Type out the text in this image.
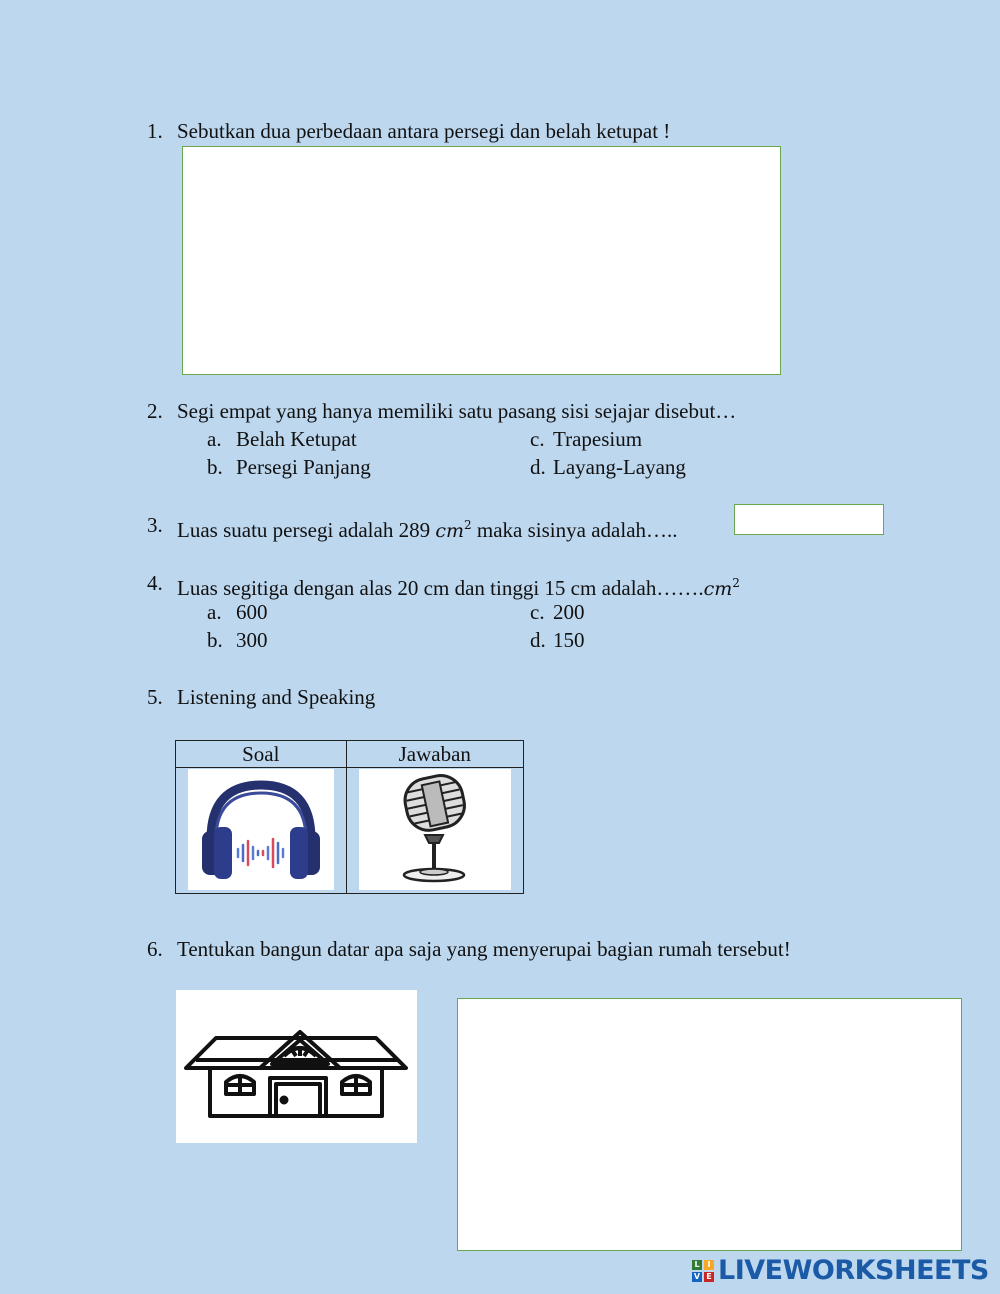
1. Sebutkan dua perbedaan antara persegi dan belah ketupat !
2. Segi empat yang hanya memiliki satu pasang sisi sejajar disebut…
a. Belah Ketupat
b. Persegi Panjang
c. Trapesium
d. Layang-Layang
3. Luas suatu persegi adalah 289 $cm^2$ maka sisinya adalah…..
4. Luas segitiga dengan alas 20 cm dan tinggi 15 cm $adalah\dots\dots.cm^2$
a. 600
b. 300
c. 200
d. 150
5. Listening and Speaking
Soal	Jawaban

6. Tentukan bangun datar apa saja yang menyerupai bagian rumah tersebut!
L I
V E LIVEWORKSHEETS
